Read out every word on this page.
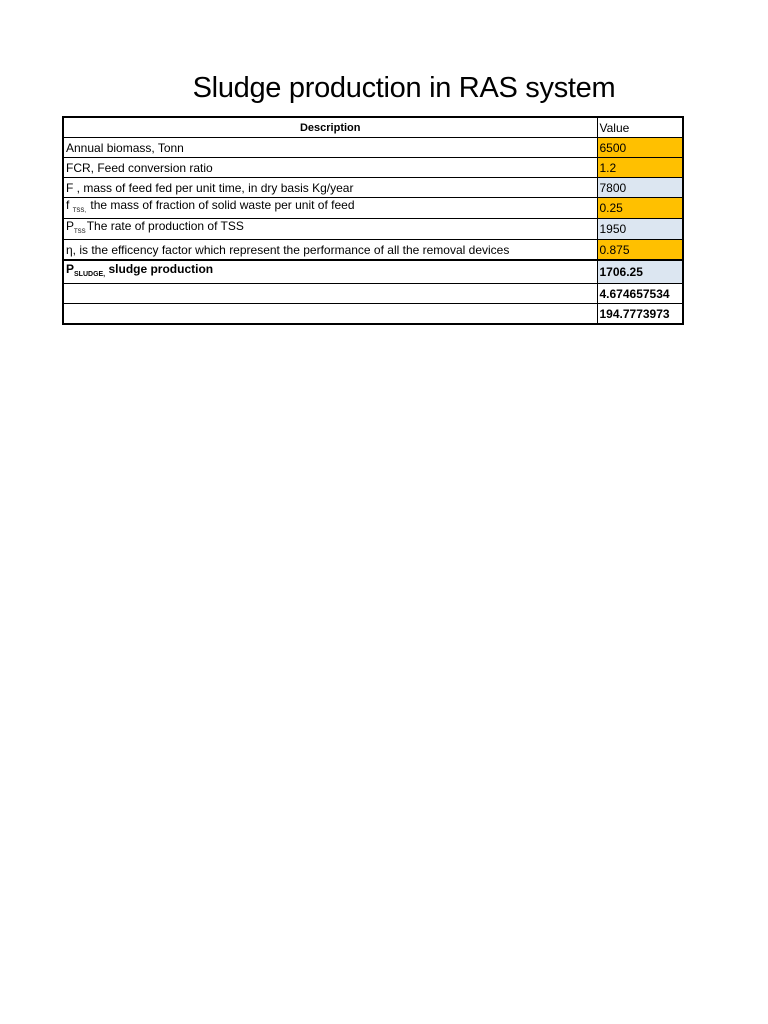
Sludge production in RAS system
Description	Value
Annual biomass, Tonn	6500
FCR, Feed conversion ratio	1.2
F , mass of feed fed per unit time, in dry basis Kg/year	7800
f $_{TSS,}$ the mass of fraction of solid waste per unit of feed	0.25
$P_{TSS}The$ rate of production of TSS	1950
η, is the efficency factor which represent the performance of all the removal devices	0.875
$P_{SLUDGE,}$ sludge production	1706.25
	4.674657534
	194.7773973
